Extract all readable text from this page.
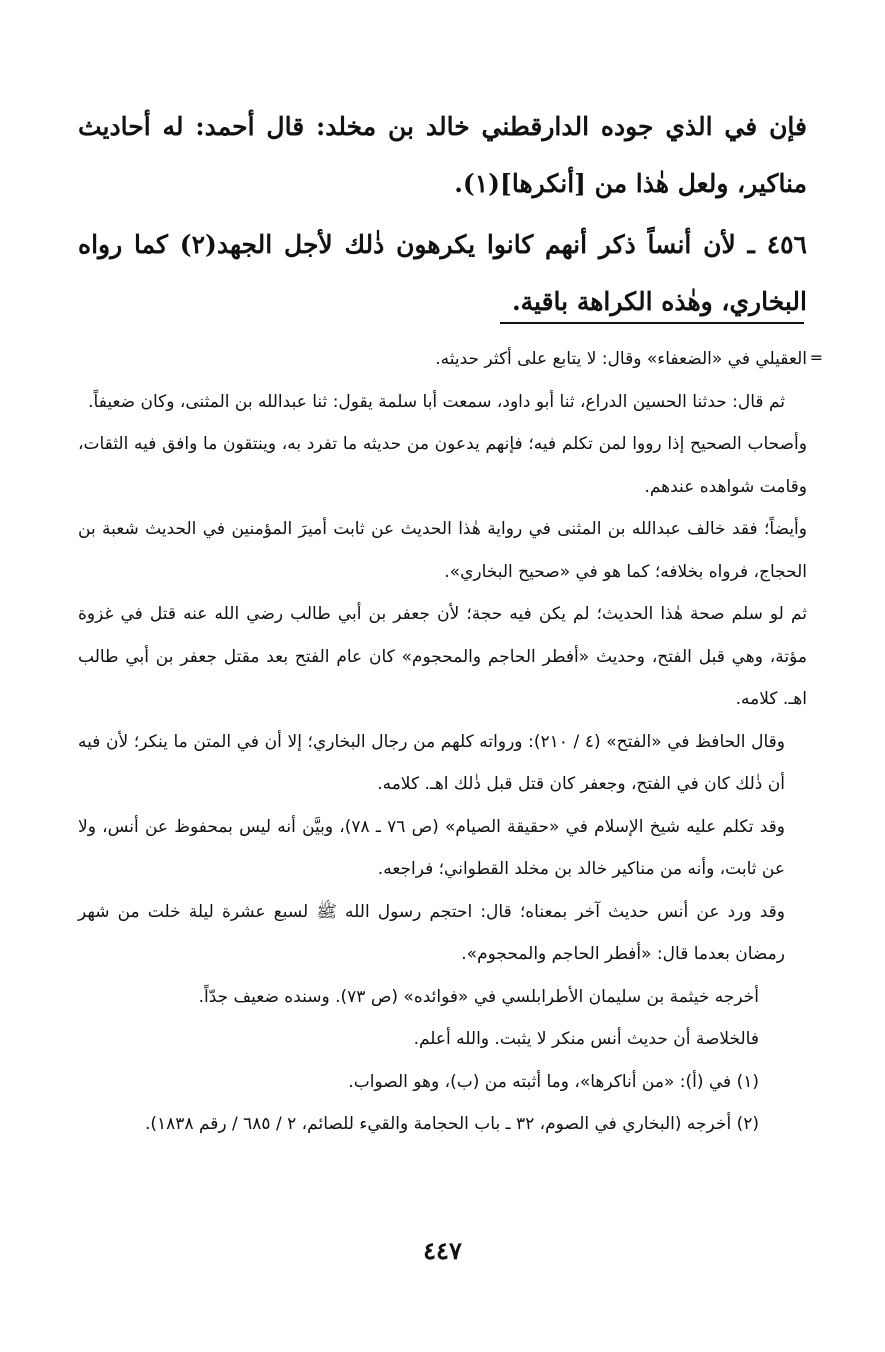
فإن في الذي جوده الدارقطني خالد بن مخلد: قال أحمد: له أحاديث مناكير، ولعل هٰذا من [أنكرها](١).

٤٥٦ ـ لأن أنساً ذكر أنهم كانوا يكرهون ذٰلك لأجل الجهد(٢) كما رواه البخاري، وهٰذه الكراهة باقية.

=

العقيلي في «الضعفاء» وقال: لا يتابع على أكثر حديثه.

ثم قال: حدثنا الحسين الدراع، ثنا أبو داود، سمعت أبا سلمة يقول: ثنا عبدالله بن المثنى، وكان ضعيفاً.

وأصحاب الصحيح إذا رووا لمن تكلم فيه؛ فإنهم يدعون من حديثه ما تفرد به، وينتقون ما وافق فيه الثقات، وقامت شواهده عندهم.

وأيضاً؛ فقد خالف عبدالله بن المثنى في رواية هٰذا الحديث عن ثابت أميرَ المؤمنين في الحديث شعبة بن الحجاج، فرواه بخلافه؛ كما هو في «صحيح البخاري».

ثم لو سلم صحة هٰذا الحديث؛ لم يكن فيه حجة؛ لأن جعفر بن أبي طالب رضي الله عنه قتل في غزوة مؤتة، وهي قبل الفتح، وحديث «أفطر الحاجم والمحجوم» كان عام الفتح بعد مقتل جعفر بن أبي طالب اهـ. كلامه.

وقال الحافظ في «الفتح» (٤ / ٢١٠): ورواته كلهم من رجال البخاري؛ إلا أن في المتن ما ينكر؛ لأن فيه أن ذٰلك كان في الفتح، وجعفر كان قتل قبل ذٰلك اهـ. كلامه.

وقد تكلم عليه شيخ الإسلام في «حقيقة الصيام» (ص ٧٦ ـ ٧٨)، وبيَّن أنه ليس بمحفوظ عن أنس، ولا عن ثابت، وأنه من مناكير خالد بن مخلد القطواني؛ فراجعه.

وقد ورد عن أنس حديث آخر بمعناه؛ قال: احتجم رسول الله ﷺ لسبع عشرة ليلة خلت من شهر رمضان بعدما قال: «أفطر الحاجم والمحجوم».

أخرجه خيثمة بن سليمان الأطرابلسي في «فوائده» (ص ٧٣). وسنده ضعيف جدّاً.

فالخلاصة أن حديث أنس منكر لا يثبت. والله أعلم.

(١) في (أ): «من أناكرها»، وما أثبته من (ب)، وهو الصواب.

(٢) أخرجه (البخاري في الصوم، ٣٢ ـ باب الحجامة والقيء للصائم، ٢ / ٦٨٥ / رقم ١٨٣٨).

٤٤٧
